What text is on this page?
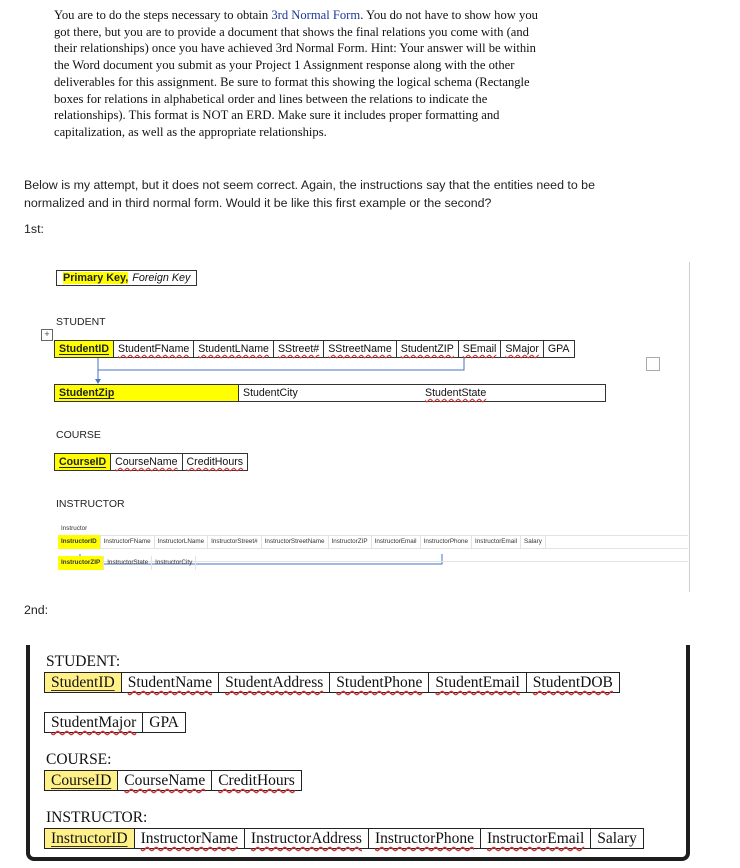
You are to do the steps necessary to obtain 3rd Normal Form. You do not have to show how you
got there, but you are to provide a document that shows the final relations you come with (and
their relationships) once you have achieved 3rd Normal Form. Hint: Your answer will be within
the Word document you submit as your Project 1 Assignment response along with the other
deliverables for this assignment. Be sure to format this showing the logical schema (Rectangle
boxes for relations in alphabetical order and lines between the relations to indicate the
relationships). This format is NOT an ERD. Make sure it includes proper formatting and
capitalization, as well as the appropriate relationships.
Below is my attempt, but it does not seem correct. Again, the instructions say that the entities need to be
normalized and in third normal form. Would it be like this first example or the second?
1st:
Primary Key, Foreign Key
STUDENT
+
StudentID StudentFName StudentLName SStreet# SStreetName StudentZIP SEmail SMajor GPA
StudentZip	StudentCity	StudentState
COURSE
CourseID CourseName CreditHours
INSTRUCTOR
Instructor
InstructorID	InstructorFName	InstructorLName	InstructorStreet#	InstructorStreetName	InstructorZIP	InstructorEmail	InstructorPhone	InstructorEmail	Salary
InstructorZIP	InstructorState	InstructorCity
2nd:
STUDENT:
StudentID StudentName StudentAddress StudentPhone StudentEmail StudentDOB
StudentMajor GPA
COURSE:
CourseID CourseName CreditHours
INSTRUCTOR:
InstructorID InstructorName InstructorAddress InstructorPhone InstructorEmail Salary
